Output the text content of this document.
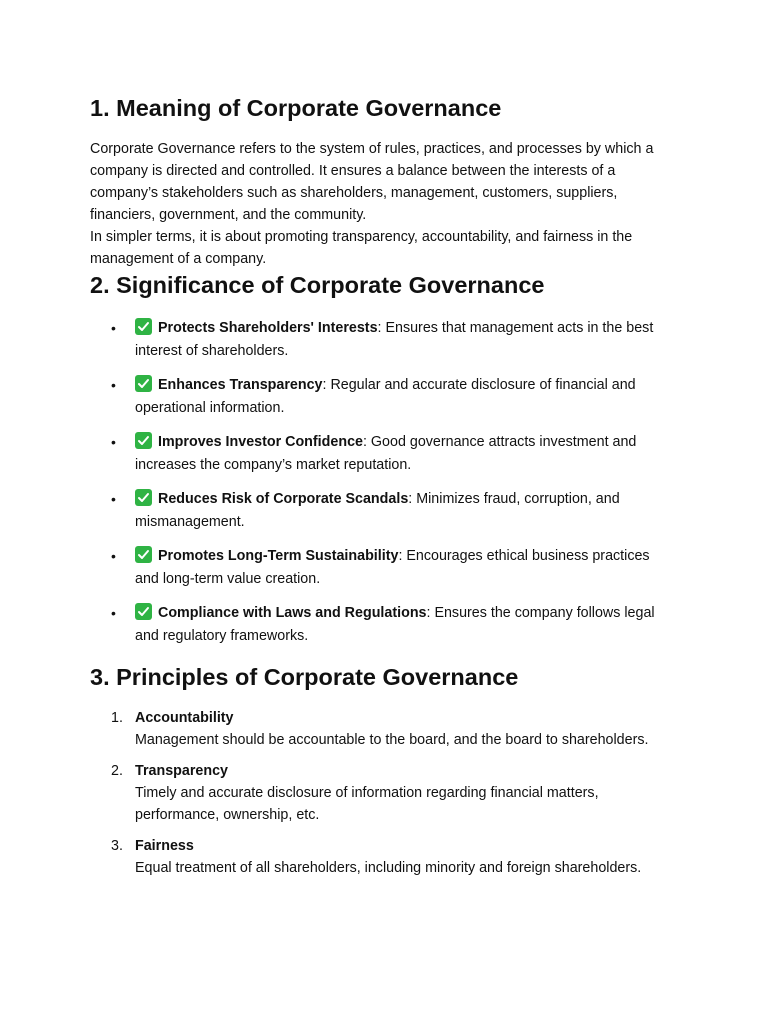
1. Meaning of Corporate Governance

Corporate Governance refers to the system of rules, practices, and processes by which a company is directed and controlled. It ensures a balance between the interests of a company’s stakeholders such as shareholders, management, customers, suppliers, financiers, government, and the community.

In simpler terms, it is about promoting transparency, accountability, and fairness in the management of a company.

2. Significance of Corporate Governance
•	Protects Shareholders' Interests: Ensures that management acts in the best interest of shareholders.
•	Enhances Transparency: Regular and accurate disclosure of financial and operational information.
•	Improves Investor Confidence: Good governance attracts investment and increases the company’s market reputation.
•	Reduces Risk of Corporate Scandals: Minimizes fraud, corruption, and mismanagement.
•	Promotes Long-Term Sustainability: Encourages ethical business practices and long-term value creation.
•	Compliance with Laws and Regulations: Ensures the company follows legal and regulatory frameworks.
3. Principles of Corporate Governance
1. Accountability
Management should be accountable to the board, and the board to shareholders.
2. Transparency
Timely and accurate disclosure of information regarding financial matters, performance, ownership, etc.
3. Fairness
Equal treatment of all shareholders, including minority and foreign shareholders.
